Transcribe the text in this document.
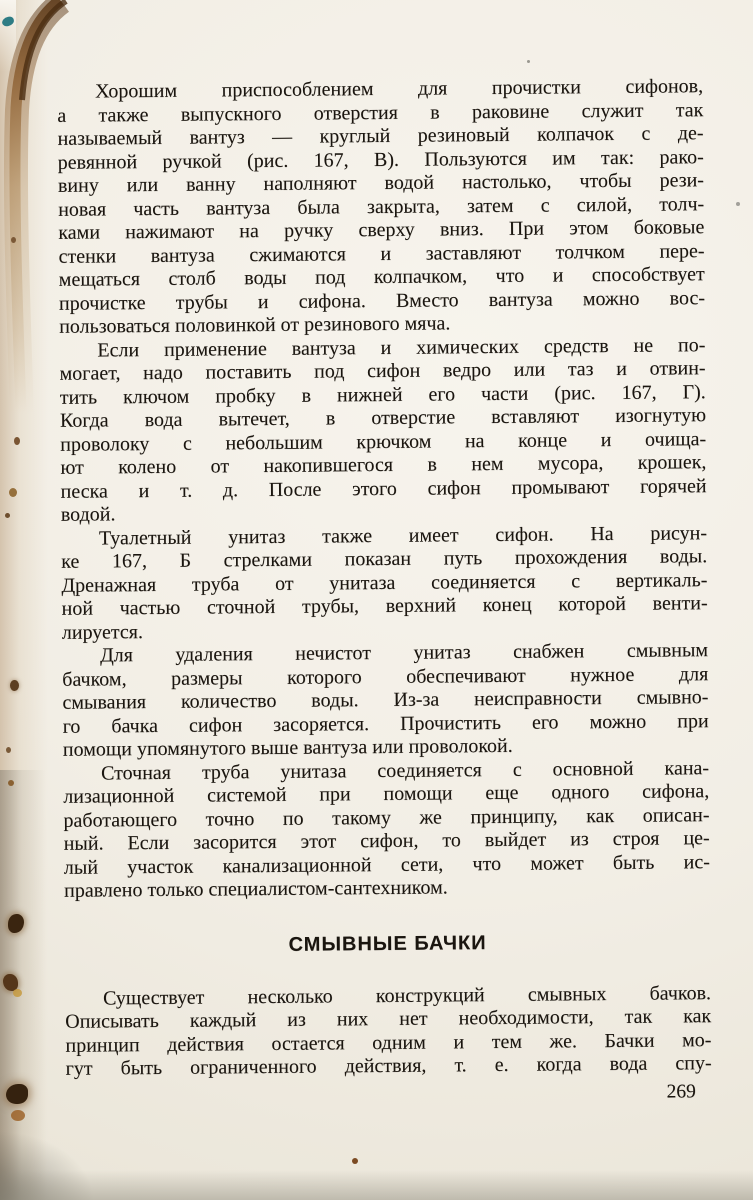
Хорошим приспособлением для прочистки сифонов,
а также выпускного отверстия в раковине служит так
называемый вантуз — круглый резиновый колпачок с де-
ревянной ручкой (рис. 167, В). Пользуются им так: рако-
вину или ванну наполняют водой настолько, чтобы рези-
новая часть вантуза была закрыта, затем с силой, толч-
ками нажимают на ручку сверху вниз. При этом боковые
стенки вантуза сжимаются и заставляют толчком пере-
мещаться столб воды под колпачком, что и способствует
прочистке трубы и сифона. Вместо вантуза можно вос-
пользоваться половинкой от резинового мяча.

Если применение вантуза и химических средств не по-
могает, надо поставить под сифон ведро или таз и отвин-
тить ключом пробку в нижней его части (рис. 167, Г).
Когда вода вытечет, в отверстие вставляют изогнутую
проволоку с небольшим крючком на конце и очища-
ют колено от накопившегося в нем мусора, крошек,
песка и т. д. После этого сифон промывают горячей
водой.

Туалетный унитаз также имеет сифон. На рисун-
ке 167, Б стрелками показан путь прохождения воды.
Дренажная труба от унитаза соединяется с вертикаль-
ной частью сточной трубы, верхний конец которой венти-
лируется.

Для удаления нечистот унитаз снабжен смывным
бачком, размеры которого обеспечивают нужное для
смывания количество воды. Из-за неисправности смывно-
го бачка сифон засоряется. Прочистить его можно при
помощи упомянутого выше вантуза или проволокой.

Сточная труба унитаза соединяется с основной кана-
лизационной системой при помощи еще одного сифона,
работающего точно по такому же принципу, как описан-
ный. Если засорится этот сифон, то выйдет из строя це-
лый участок канализационной сети, что может быть ис-
правлено только специалистом-сантехником.

СМЫВНЫЕ БАЧКИ

Существует несколько конструкций смывных бачков.
Описывать каждый из них нет необходимости, так как
принцип действия остается одним и тем же. Бачки мо-
гут быть ограниченного действия, т. е. когда вода спу-

269
